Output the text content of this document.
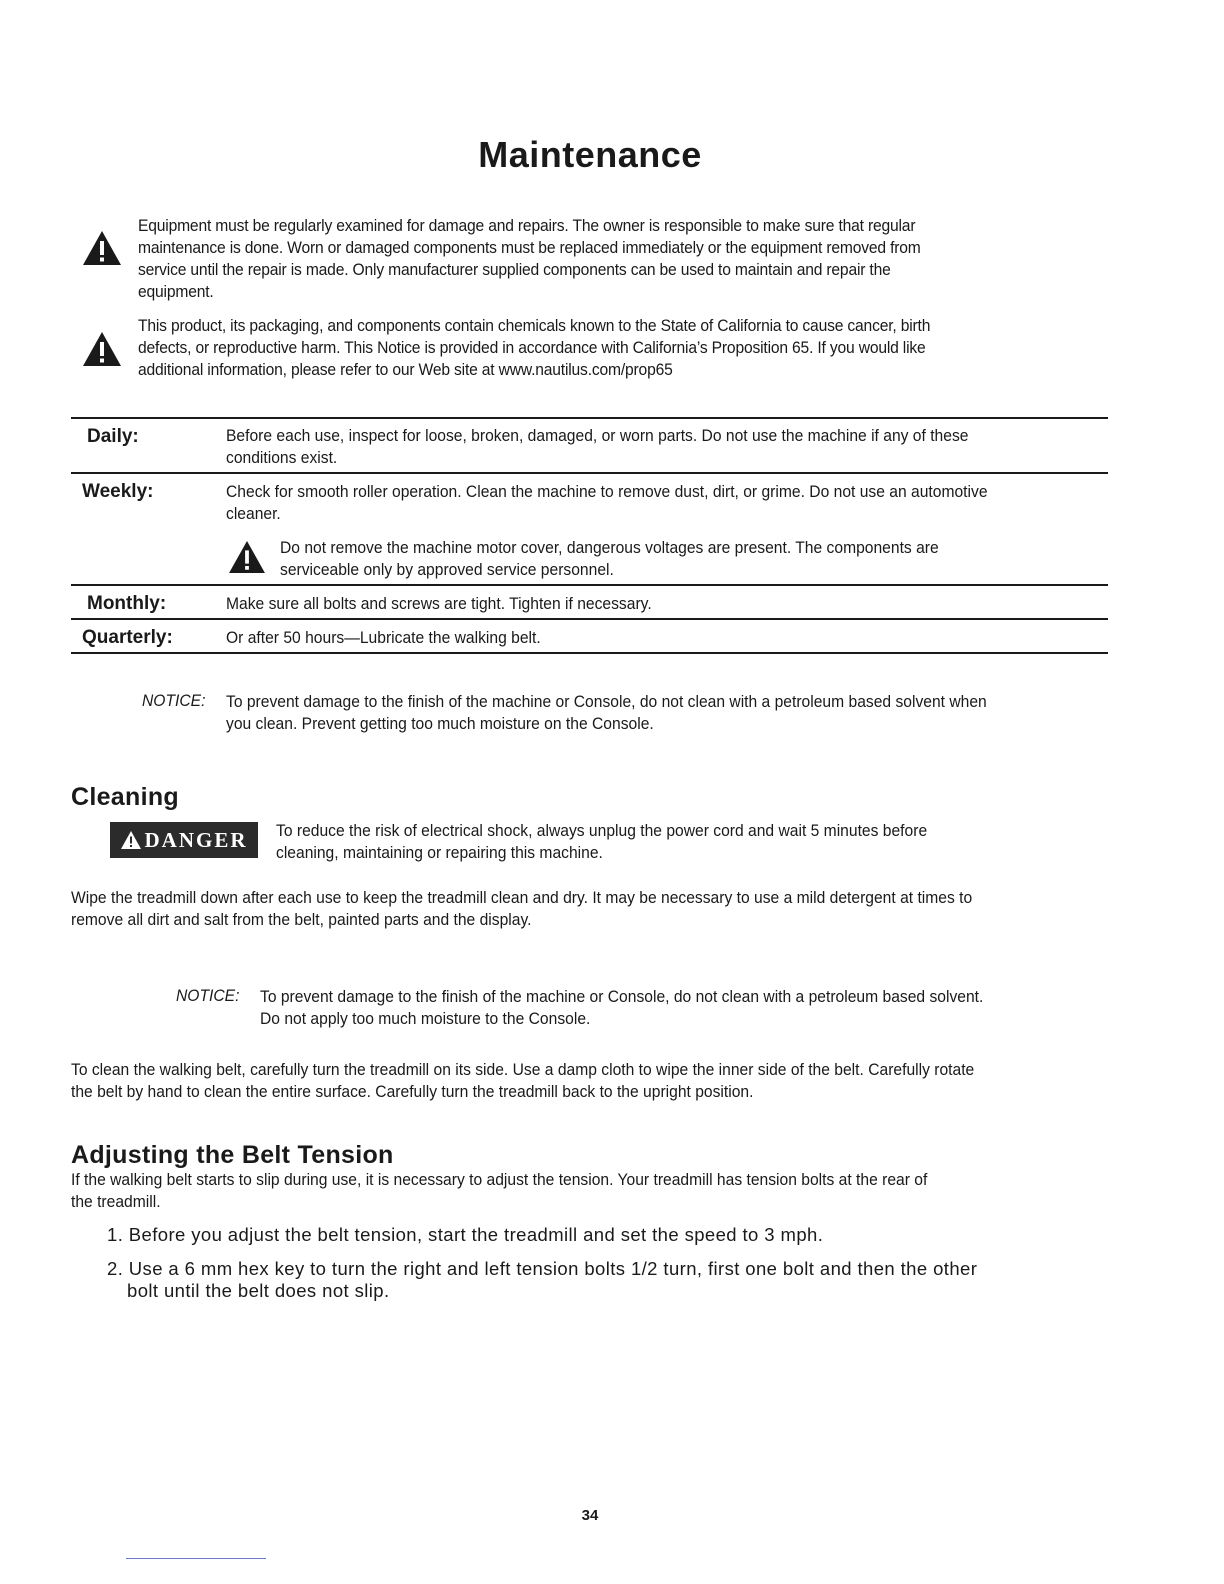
Maintenance
Equipment must be regularly examined for damage and repairs. The owner is responsible to make sure that regular
maintenance is done. Worn or damaged components must be replaced immediately or the equipment removed from
service until the repair is made. Only manufacturer supplied components can be used to maintain and repair the
equipment.
This product, its packaging, and components contain chemicals known to the State of California to cause cancer, birth
defects, or reproductive harm. This Notice is provided in accordance with California’s Proposition 65. If you would like
additional information, please refer to our Web site at www.nautilus.com/prop65
Daily:	Before each use, inspect for loose, broken, damaged, or worn parts. Do not use the machine if any of these
conditions exist.
Weekly:	Check for smooth roller operation. Clean the machine to remove dust, dirt, or grime. Do not use an automotive
cleaner.
Do not remove the machine motor cover, dangerous voltages are present. The components are
serviceable only by approved service personnel.
Monthly:	Make sure all bolts and screws are tight. Tighten if necessary.
Quarterly:	Or after 50 hours—Lubricate the walking belt.
NOTICE: To prevent damage to the finish of the machine or Console, do not clean with a petroleum based solvent when
you clean. Prevent getting too much moisture on the Console.
Cleaning
DANGER To reduce the risk of electrical shock, always unplug the power cord and wait 5 minutes before
cleaning, maintaining or repairing this machine.
Wipe the treadmill down after each use to keep the treadmill clean and dry. It may be necessary to use a mild detergent at times to
remove all dirt and salt from the belt, painted parts and the display.
NOTICE: To prevent damage to the finish of the machine or Console, do not clean with a petroleum based solvent.
Do not apply too much moisture to the Console.
To clean the walking belt, carefully turn the treadmill on its side. Use a damp cloth to wipe the inner side of the belt. Carefully rotate
the belt by hand to clean the entire surface. Carefully turn the treadmill back to the upright position.
Adjusting the Belt Tension
If the walking belt starts to slip during use, it is necessary to adjust the tension. Your treadmill has tension bolts at the rear of
the treadmill.
1. Before you adjust the belt tension, start the treadmill and set the speed to 3 mph.
2. Use a 6 mm hex key to turn the right and left tension bolts 1/2 turn, first one bolt and then the other
bolt until the belt does not slip.
34
